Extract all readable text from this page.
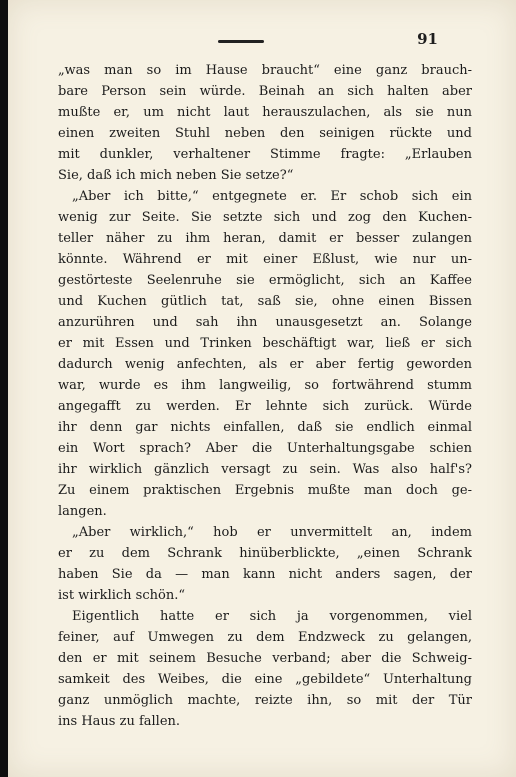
91
„was man so im Hause braucht“ eine ganz brauch-
bare Person sein würde. Beinah an sich halten aber
mußte er, um nicht laut herauszulachen, als sie nun
einen zweiten Stuhl neben den seinigen rückte und
mit dunkler, verhaltener Stimme fragte: „Erlauben
Sie, daß ich mich neben Sie setze?“
„Aber ich bitte,“ entgegnete er. Er schob sich ein
wenig zur Seite. Sie setzte sich und zog den Kuchen-
teller näher zu ihm heran, damit er besser zulangen
könnte. Während er mit einer Eßlust, wie nur un-
gestörteste Seelenruhe sie ermöglicht, sich an Kaffee
und Kuchen gütlich tat, saß sie, ohne einen Bissen
anzurühren und sah ihn unausgesetzt an. Solange
er mit Essen und Trinken beschäftigt war, ließ er sich
dadurch wenig anfechten, als er aber fertig geworden
war, wurde es ihm langweilig, so fortwährend stumm
angegafft zu werden. Er lehnte sich zurück. Würde
ihr denn gar nichts einfallen, daß sie endlich einmal
ein Wort sprach? Aber die Unterhaltungsgabe schien
ihr wirklich gänzlich versagt zu sein. Was also half's?
Zu einem praktischen Ergebnis mußte man doch ge-
langen.
„Aber wirklich,“ hob er unvermittelt an, indem
er zu dem Schrank hinüberblickte, „einen Schrank
haben Sie da — man kann nicht anders sagen, der
ist wirklich schön.“
Eigentlich hatte er sich ja vorgenommen, viel
feiner, auf Umwegen zu dem Endzweck zu gelangen,
den er mit seinem Besuche verband; aber die Schweig-
samkeit des Weibes, die eine „gebildete“ Unterhaltung
ganz unmöglich machte, reizte ihn, so mit der Tür
ins Haus zu fallen.
